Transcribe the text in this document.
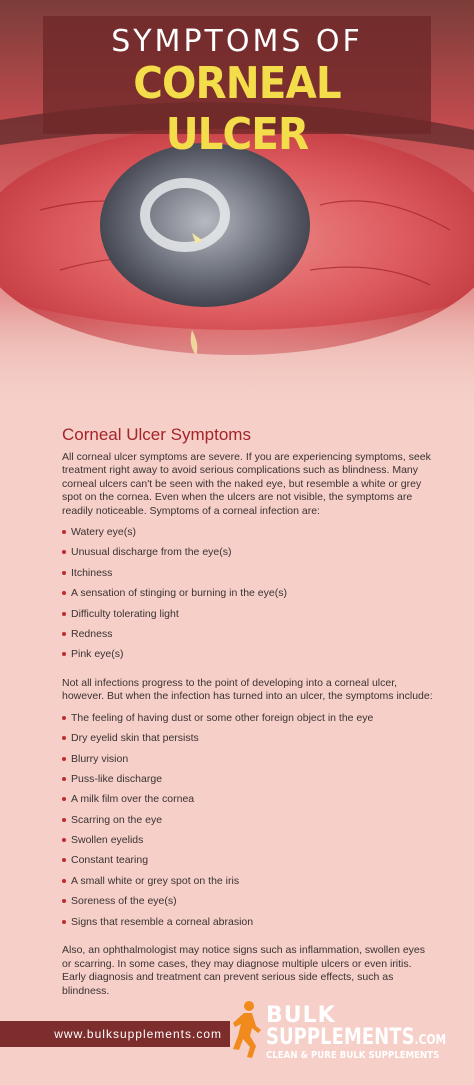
SYMPTOMS OF
CORNEAL ULCER
Corneal Ulcer Symptoms

All corneal ulcer symptoms are severe. If you are experiencing symptoms, seek treatment right away to avoid serious complications such as blindness. Many corneal ulcers can't be seen with the naked eye, but resemble a white or grey spot on the cornea. Even when the ulcers are not visible, the symptoms are readily noticeable. Symptoms of a corneal infection are:

Watery eye(s)
Unusual discharge from the eye(s)
Itchiness
A sensation of stinging or burning in the eye(s)
Difficulty tolerating light
Redness
Pink eye(s)

Not all infections progress to the point of developing into a corneal ulcer, however. But when the infection has turned into an ulcer, the symptoms include:

The feeling of having dust or some other foreign object in the eye
Dry eyelid skin that persists
Blurry vision
Puss-like discharge
A milk film over the cornea
Scarring on the eye
Swollen eyelids
Constant tearing
A small white or grey spot on the iris
Soreness of the eye(s)
Signs that resemble a corneal abrasion

Also, an ophthalmologist may notice signs such as inflammation, swollen eyes or scarring. In some cases, they may diagnose multiple ulcers or even iritis. Early diagnosis and treatment can prevent serious side effects, such as blindness.

www.bulksupplements.com
BULK
SUPPLEMENTS.COM
CLEAN & PURE BULK SUPPLEMENTS
